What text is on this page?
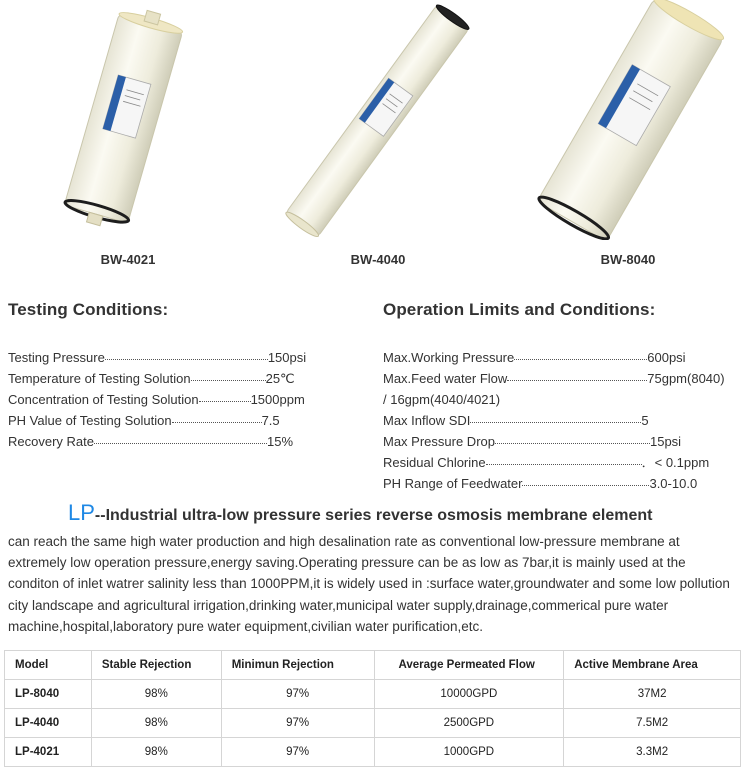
BW-4021	BW-4040	BW-8040
Testing Conditions:
Testing Pressure	150psi
Temperature of Testing Solution	25℃
Concentration of Testing Solution	1500ppm
PH Value of Testing Solution	7.5
Recovery Rate	15%
Operation Limits and Conditions:
Max.Working Pressure	600psi
Max.Feed water Flow	75gpm(8040)
/ 16gpm(4040/4021)
Max Inflow SDI	5
Max Pressure Drop	15psi
Residual Chlorine	．< 0.1ppm
PH Range of Feedwater	3.0-10.0
LP--Industrial ultra-low pressure series reverse osmosis membrane element
can reach the same high water production and high desalination rate as conventional low-pressure membrane at extremely low operation pressure,energy saving.Operating pressure can be as low as 7bar,it is mainly used at the conditon of inlet watrer salinity less than 1000PPM,it is widely used in :surface water,groundwater and some low pollution city landscape and agricultural irrigation,drinking water,municipal water supply,drainage,commerical pure water machine,hospital,laboratory pure water equipment,civilian water purification,etc.
Model	Stable Rejection	Minimun Rejection	Average Permeated Flow	Active Membrane Area
LP-8040	98%	97%	10000GPD	37M2
LP-4040	98%	97%	2500GPD	7.5M2
LP-4021	98%	97%	1000GPD	3.3M2
